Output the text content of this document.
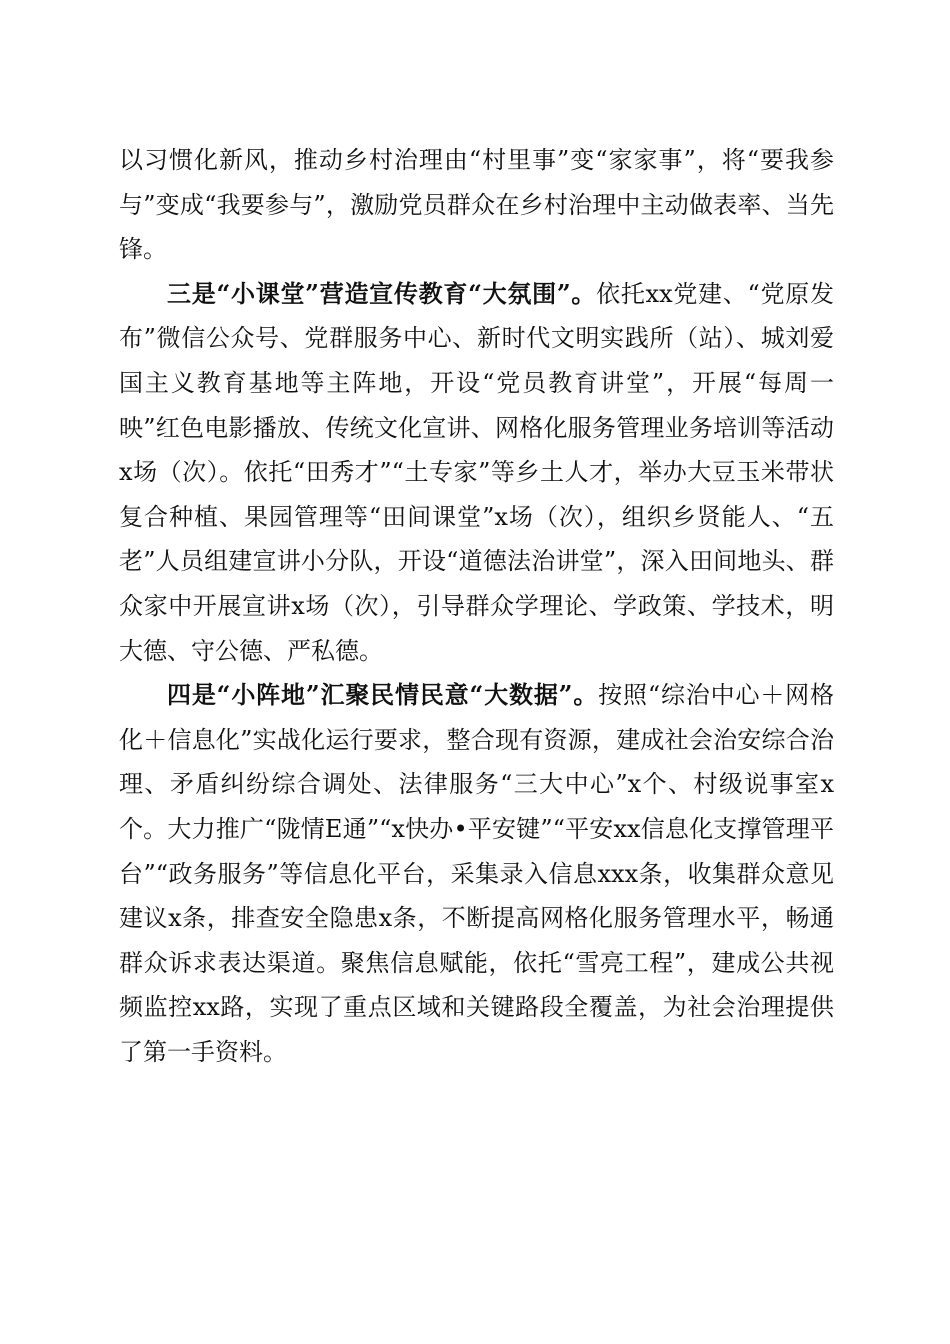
以习惯化新风，推动乡村治理由“村里事”变“家家事”，将“要我参与”变成“我要参与”，激励党员群众在乡村治理中主动做表率、当先锋。

三是“小课堂”营造宣传教育“大氛围”。依托xx党建、“党原发布”微信公众号、党群服务中心、新时代文明实践所（站）、城刘爱国主义教育基地等主阵地，开设“党员教育讲堂”，开展“每周一映”红色电影播放、传统文化宣讲、网格化服务管理业务培训等活动x场（次）。依托“田秀才”“土专家”等乡土人才，举办大豆玉米带状复合种植、果园管理等“田间课堂”x场（次），组织乡贤能人、“五老”人员组建宣讲小分队，开设“道德法治讲堂”，深入田间地头、群众家中开展宣讲x场（次），引导群众学理论、学政策、学技术，明大德、守公德、严私德。

四是“小阵地”汇聚民情民意“大数据”。按照“综治中心＋网格化＋信息化”实战化运行要求，整合现有资源，建成社会治安综合治理、矛盾纠纷综合调处、法律服务“三大中心”x个、村级说事室x个。大力推广“陇情E通”“x快办•平安键”“平安xx信息化支撑管理平台”“政务服务”等信息化平台，采集录入信息xxx条，收集群众意见建议x条，排查安全隐患x条，不断提高网格化服务管理水平，畅通群众诉求表达渠道。聚焦信息赋能，依托“雪亮工程”，建成公共视频监控xx路，实现了重点区域和关键路段全覆盖，为社会治理提供了第一手资料。
